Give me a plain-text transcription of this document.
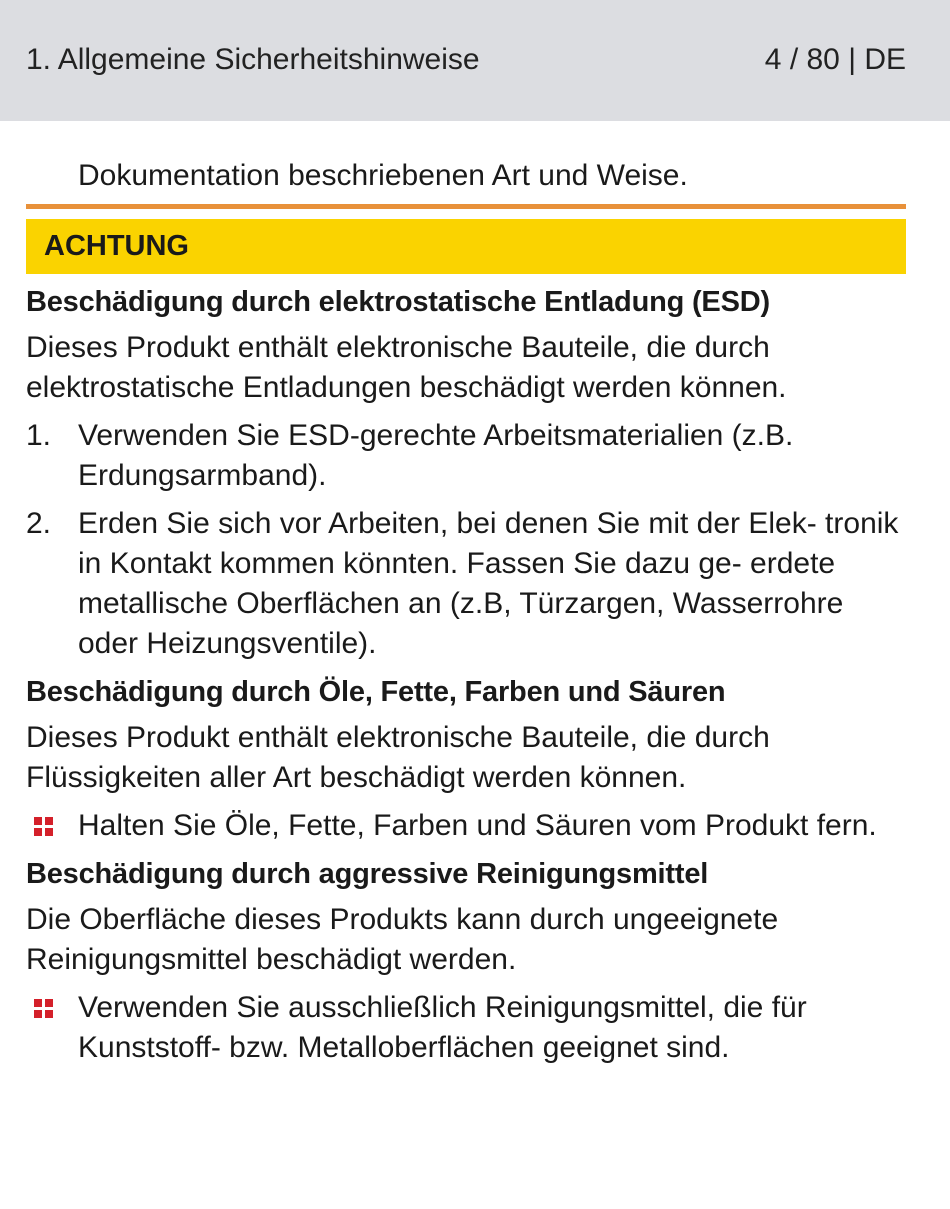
1. Allgemeine Sicherheitshinweise	4 / 80 | DE
Dokumentation beschriebenen Art und Weise.
ACHTUNG
Beschädigung durch elektrostatische Entladung (ESD)
Dieses Produkt enthält elektronische Bauteile, die durch elektrostatische Entladungen beschädigt werden können.
1. Verwenden Sie ESD-gerechte Arbeitsmaterialien (z.B. Erdungsarmband).
2. Erden Sie sich vor Arbeiten, bei denen Sie mit der Elek- tronik in Kontakt kommen könnten. Fassen Sie dazu ge- erdete metallische Oberflächen an (z.B, Türzargen, Wasserrohre oder Heizungsventile).
Beschädigung durch Öle, Fette, Farben und Säuren
Dieses Produkt enthält elektronische Bauteile, die durch Flüssigkeiten aller Art beschädigt werden können.
Halten Sie Öle, Fette, Farben und Säuren vom Produkt fern.
Beschädigung durch aggressive Reinigungsmittel
Die Oberfläche dieses Produkts kann durch ungeeignete Reinigungsmittel beschädigt werden.
Verwenden Sie ausschließlich Reinigungsmittel, die für Kunststoff- bzw. Metalloberflächen geeignet sind.
